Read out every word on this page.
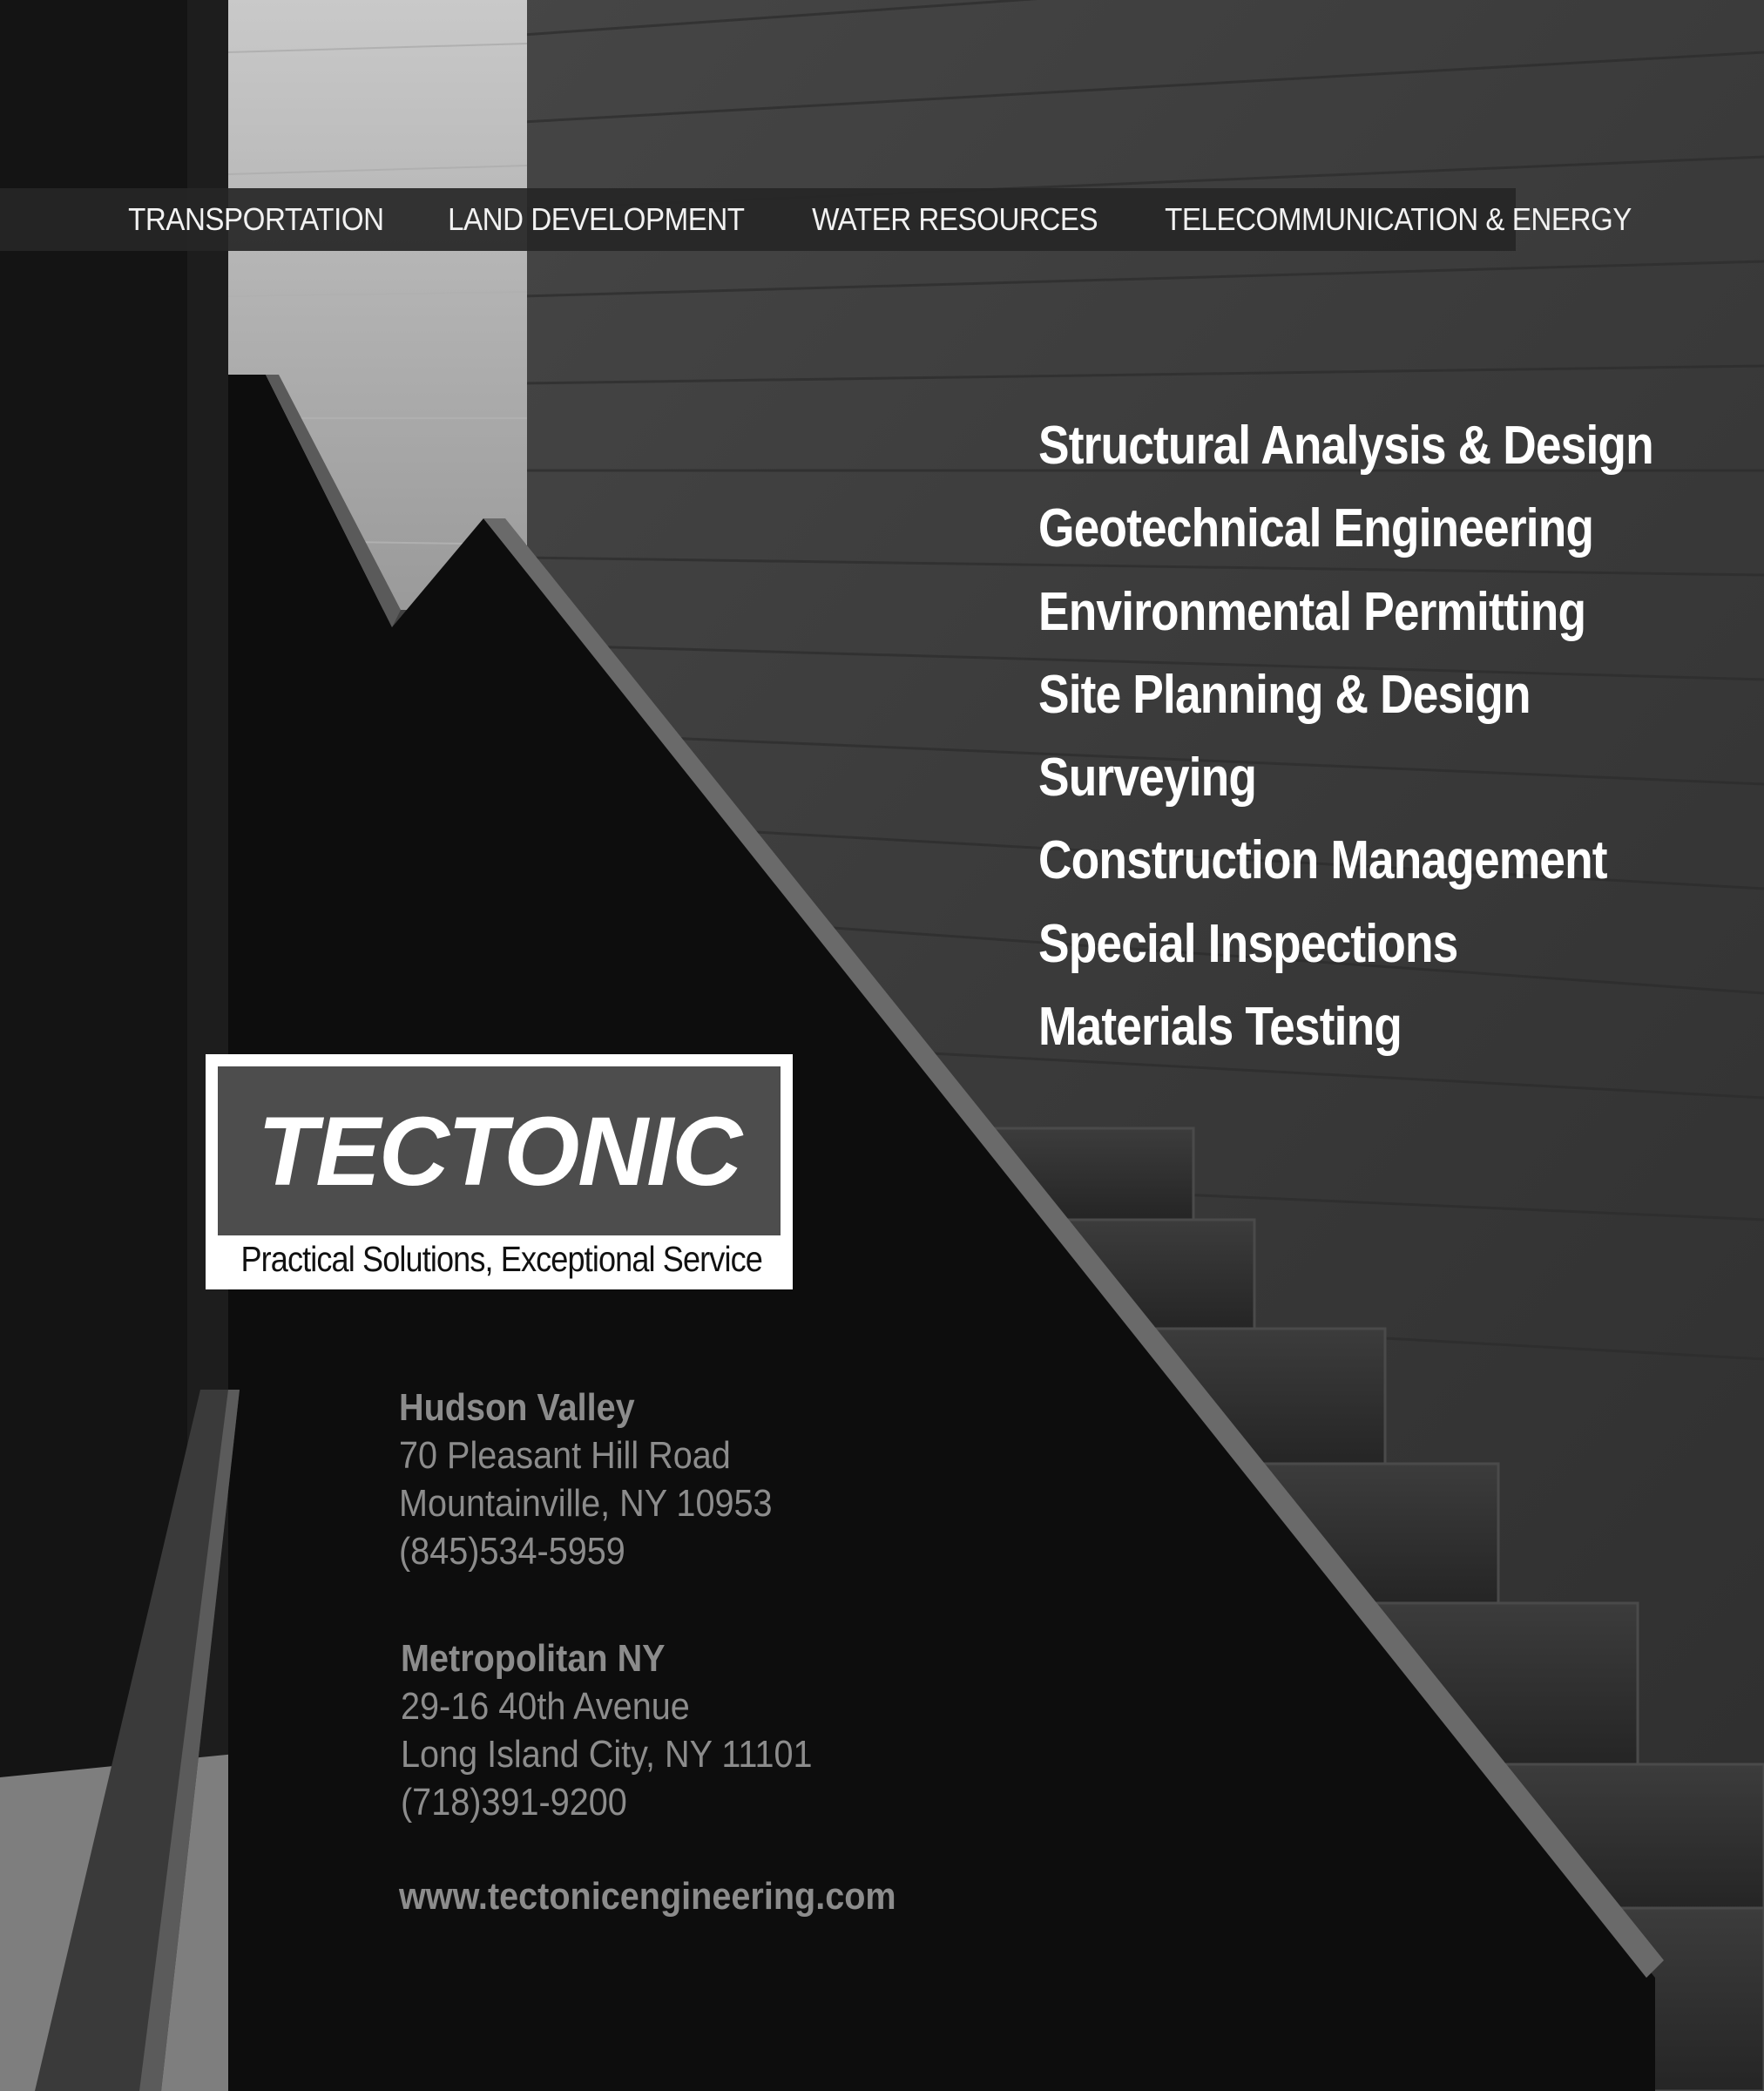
TRANSPORTATION	LAND DEVELOPMENT	WATER RESOURCES	TELECOMMUNICATION & ENERGY
Structural Analysis & Design
Geotechnical Engineering
Environmental Permitting
Site Planning & Design
Surveying
Construction Management
Special Inspections
Materials Testing
TECTONIC
Practical Solutions, Exceptional Service
Hudson Valley
70 Pleasant Hill Road
Mountainville, NY 10953
(845)534-5959
Metropolitan NY
29-16 40th Avenue
Long Island City, NY 11101
(718)391-9200
www.tectonicengineering.com
